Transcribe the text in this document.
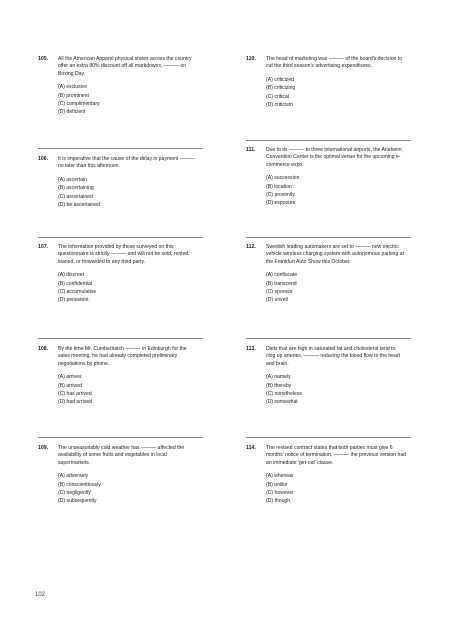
105. All the American Apparel physical stores across the country offer an extra 80% discount off all markdowns, ——— on Boxing Day.
(A) exclusive
(B) prominent
(C) complimentary
(D) deficient
106. It is imperative that the cause of the delay in payment ——— no later than this afternoon.
(A) ascertain
(B) ascertaining
(C) ascertained
(D) be ascertained
107. The information provided by those surveyed on this questionnaire is strictly ——— and will not be sold, rented, loaned, or forwarded to any third party.
(A) discreet
(B) confidential
(C) accumulative
(D) persistent
108. By the time Mr. Cumberbatch ——— in Edinburgh for the sales meeting, he had already completed preliminary negotiations by phone.
(A) arrives
(B) arrived
(C) has arrived
(D) had arrived
109. The unseasonably cold weather has ——— affected the availability of some fruits and vegetables in local supermarkets.
(A) adversely
(B) conscientiously
(C) negligently
(D) subsequently
110. The head of marketing was ——— of the board's decision to cut the third season's advertising expenditures.
(A) criticized
(B) criticizing
(C) critical
(D) criticism
111. Due to its ——— to three international airports, the Anaheim Convention Center is the optimal venue for the upcoming e-commerce expo.
(A) succession
(B) location
(C) proximity
(D) exposure
112. Swedish leading automakers are set to ——— new electric vehicle wireless charging system with autonomous parking at the Frankfurt Auto Show this October.
(A) confiscate
(B) transcend
(C) sponsor
(D) unveil
113. Diets that are high in saturated fat and cholesterol tend to clog up arteries, ——— reducing the blood flow to the heart and brain.
(A) namely
(B) thereby
(C) nonetheless
(D) somewhat
114. The revised contract states that both parties must give 6 months' notice of termination, ——— the previous version had an immediate 'get-out' clause.
(A) whereas
(B) unlike
(C) however
(D) though
102
